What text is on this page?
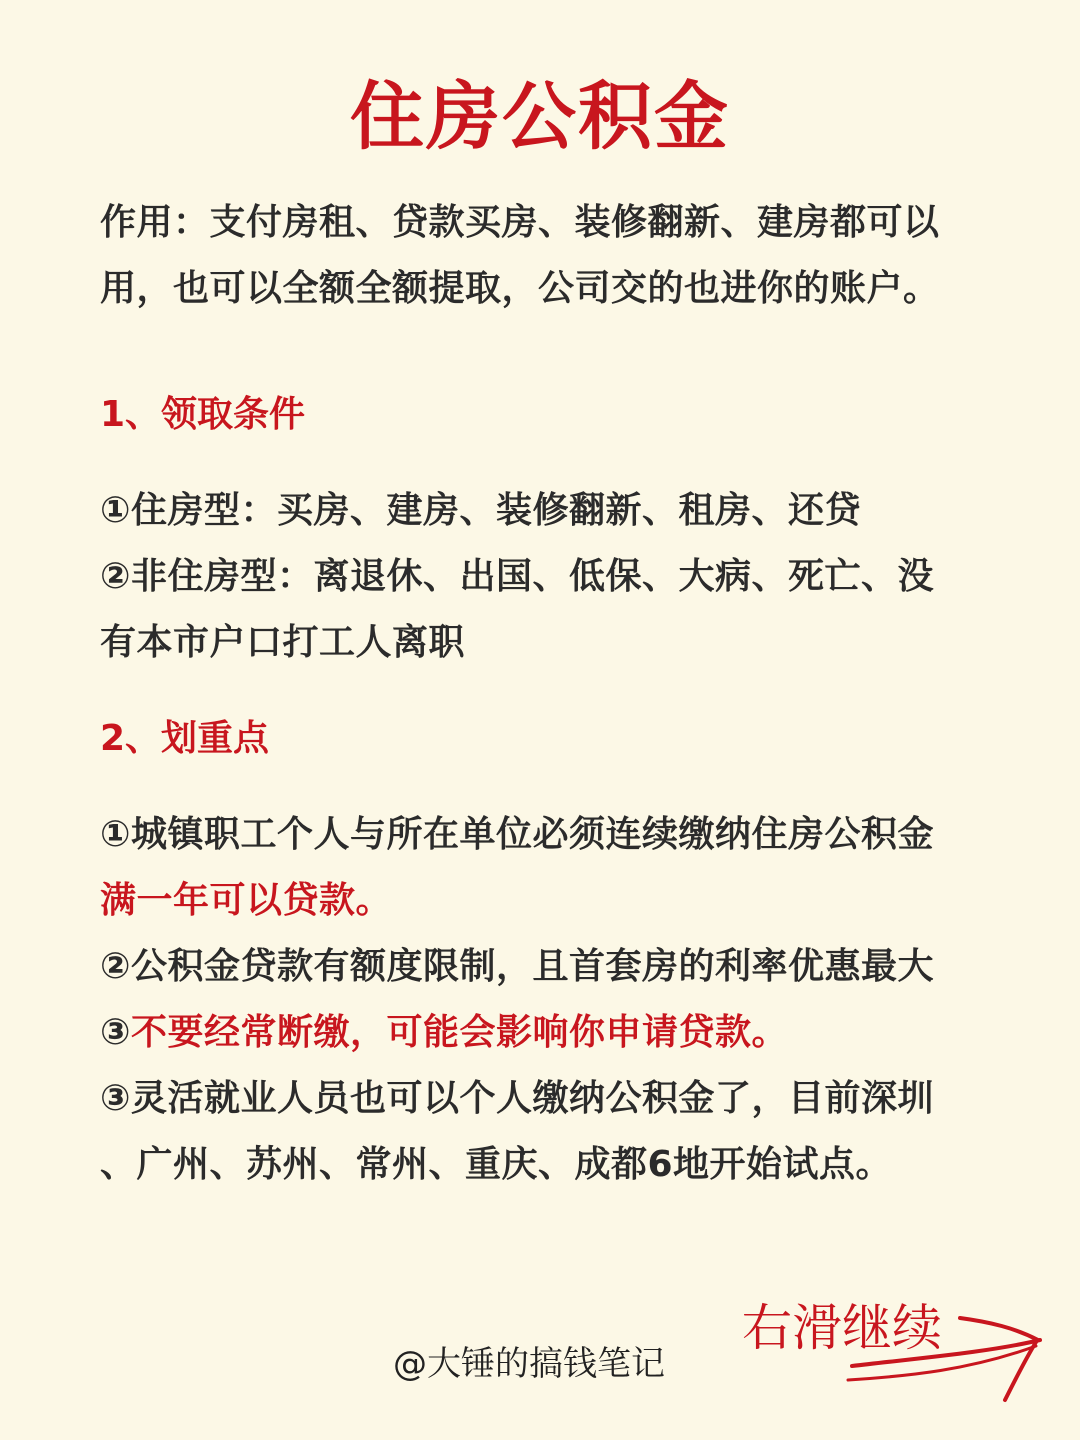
住房公积金
作用：支付房租、贷款买房、装修翻新、建房都可以
用，也可以全额全额提取，公司交的也进你的账户。
1、领取条件
①住房型：买房、建房、装修翻新、租房、还贷
②非住房型：离退休、出国、低保、大病、死亡、没
有本市户口打工人离职
2、划重点
①城镇职工个人与所在单位必须连续缴纳住房公积金
满一年可以贷款。
②公积金贷款有额度限制，且首套房的利率优惠最大
③不要经常断缴，可能会影响你申请贷款。
③灵活就业人员也可以个人缴纳公积金了，目前深圳
、广州、苏州、常州、重庆、成都6地开始试点。
@大锤的搞钱笔记
右滑继续
